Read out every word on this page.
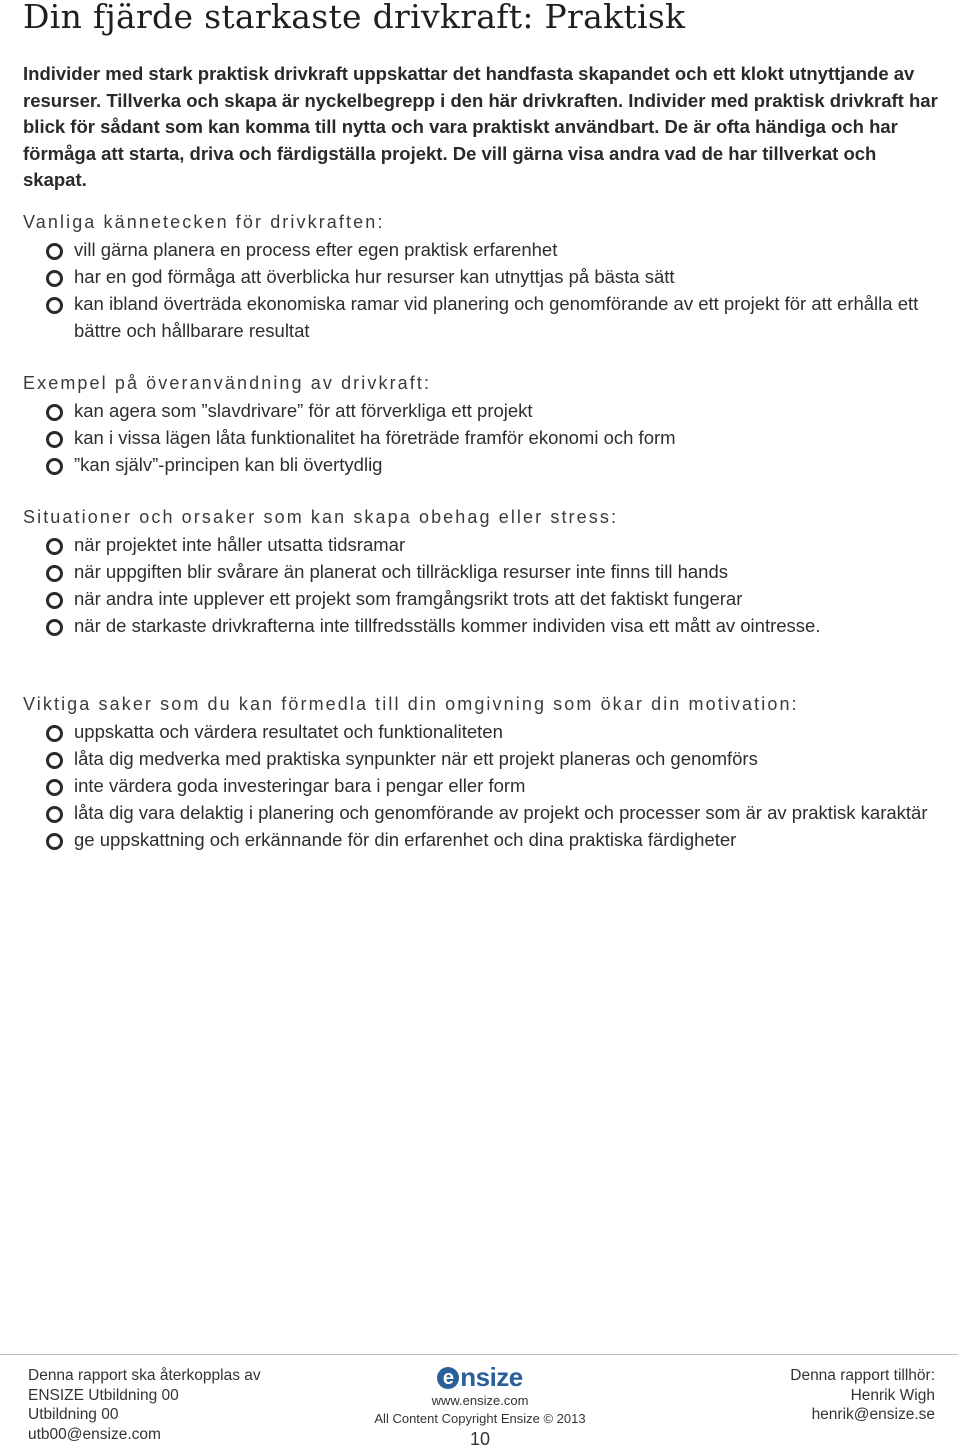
Din fjärde starkaste drivkraft: Praktisk

Individer med stark praktisk drivkraft uppskattar det handfasta skapandet och ett klokt utnyttjande av resurser. Tillverka och skapa är nyckelbegrepp i den här drivkraften. Individer med praktisk drivkraft har blick för sådant som kan komma till nytta och vara praktiskt användbart. De är ofta händiga och har förmåga att starta, driva och färdigställa projekt. De vill gärna visa andra vad de har tillverkat och skapat.

Vanliga kännetecken för drivkraften:
vill gärna planera en process efter egen praktisk erfarenhet
har en god förmåga att överblicka hur resurser kan utnyttjas på bästa sätt
kan ibland överträda ekonomiska ramar vid planering och genomförande av ett projekt för att erhålla ett bättre och hållbarare resultat
Exempel på överanvändning av drivkraft:
kan agera som ”slavdrivare” för att förverkliga ett projekt
kan i vissa lägen låta funktionalitet ha företräde framför ekonomi och form
”kan själv”-principen kan bli övertydlig
Situationer och orsaker som kan skapa obehag eller stress:
när projektet inte håller utsatta tidsramar
när uppgiften blir svårare än planerat och tillräckliga resurser inte finns till hands
när andra inte upplever ett projekt som framgångsrikt trots att det faktiskt fungerar
när de starkaste drivkrafterna inte tillfredsställs kommer individen visa ett mått av ointresse.
Viktiga saker som du kan förmedla till din omgivning som ökar din motivation:
uppskatta och värdera resultatet och funktionaliteten
låta dig medverka med praktiska synpunkter när ett projekt planeras och genomförs
inte värdera goda investeringar bara i pengar eller form
låta dig vara delaktig i planering och genomförande av projekt och processer som är av praktisk karaktär
ge uppskattning och erkännande för din erfarenhet och dina praktiska färdigheter
Denna rapport ska återkopplas av
ENSIZE Utbildning 00
Utbildning 00
utb00@ensize.com
e nsize
www.ensize.com
All Content Copyright Ensize © 2013
10
Denna rapport tillhör:
Henrik Wigh
henrik@ensize.se
